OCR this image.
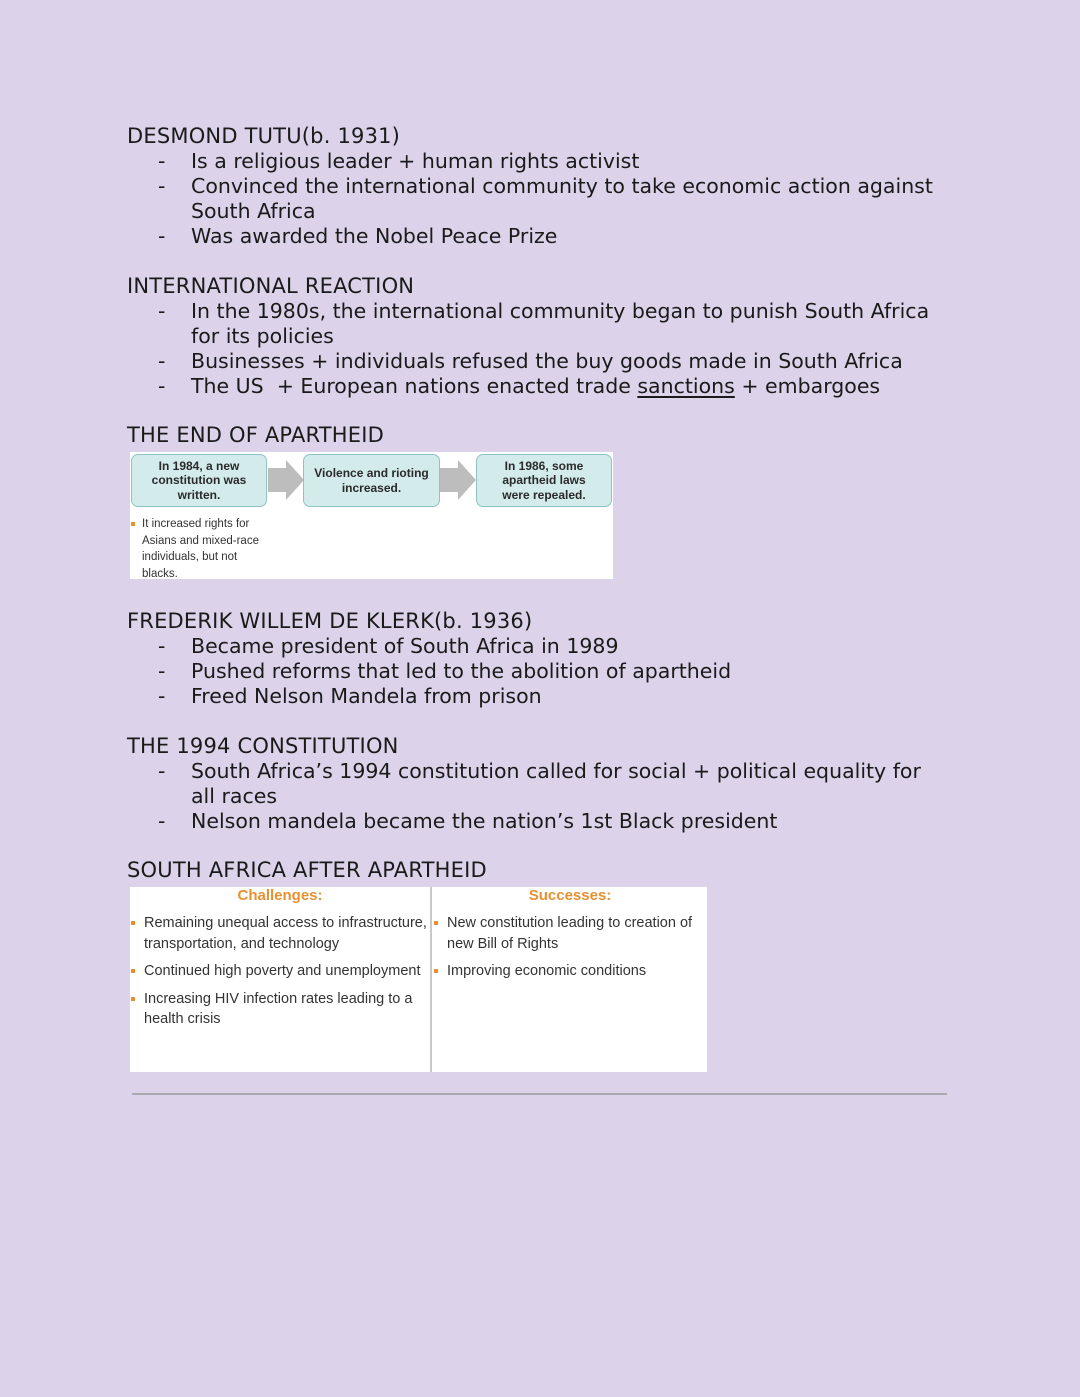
DESMOND TUTU(b. 1931)
- Is a religious leader + human rights activist
- Convinced the international community to take economic action against South Africa
- Was awarded the Nobel Peace Prize
INTERNATIONAL REACTION
- In the 1980s, the international community began to punish South Africa for its policies
- Businesses + individuals refused the buy goods made in South Africa
- The US  + European nations enacted trade sanctions + embargoes
THE END OF APARTHEID
In 1984, a new constitution was written.
Violence and rioting increased.
In 1986, some apartheid laws were repealed.
It increased rights for Asians and mixed-race individuals, but not blacks.
FREDERIK WILLEM DE KLERK(b. 1936)
- Became president of South Africa in 1989
- Pushed reforms that led to the abolition of apartheid
- Freed Nelson Mandela from prison
THE 1994 CONSTITUTION
- South Africa’s 1994 constitution called for social + political equality for all races
- Nelson mandela became the nation’s 1st Black president
SOUTH AFRICA AFTER APARTHEID
Challenges:
Remaining unequal access to infrastructure, transportation, and technology
Continued high poverty and unemployment
Increasing HIV infection rates leading to a health crisis
Successes:
New constitution leading to creation of new Bill of Rights
Improving economic conditions
